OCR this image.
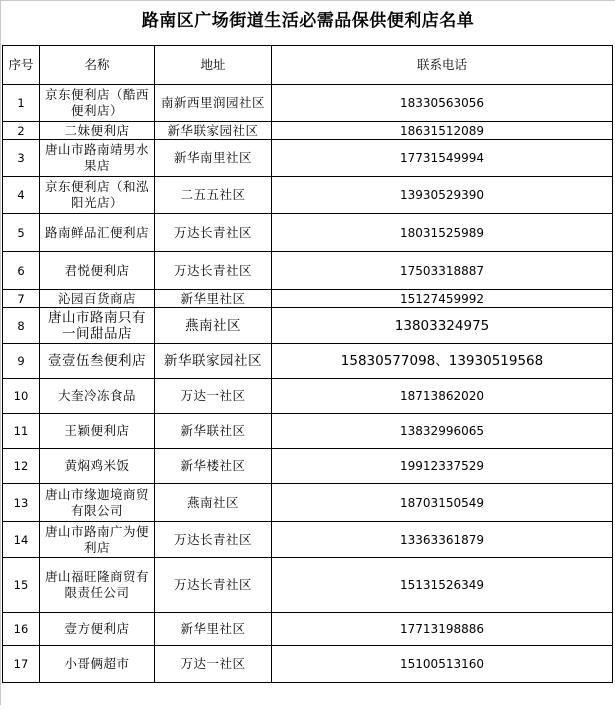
路南区广场街道生活必需品保供便利店名单
序号	名称	地址	联系电话
1	京东便利店（酷西便利店）	南新西里润园社区	18330563056
2	二妹便利店	新华联家园社区	18631512089
3	唐山市路南靖男水果店	新华南里社区	17731549994
4	京东便利店（和泓阳光店）	二五五社区	13930529390
5	路南鲜品汇便利店	万达长青社区	18031525989
6	君悦便利店	万达长青社区	17503318887
7	沁园百货商店	新华里社区	15127459992
8	唐山市路南只有一间甜品店	燕南社区	13803324975
9	壹壹伍叁便利店	新华联家园社区	15830577098、13930519568
10	大奎冷冻食品	万达一社区	18713862020
11	王颖便利店	新华联社区	13832996065
12	黄焖鸡米饭	新华楼社区	19912337529
13	唐山市缘迦境商贸有限公司	燕南社区	18703150549
14	唐山市路南广为便利店	万达长青社区	13363361879
15	唐山福旺隆商贸有限责任公司	万达长青社区	15131526349
16	壹方便利店	新华里社区	17713198886
17	小哥俩超市	万达一社区	15100513160
